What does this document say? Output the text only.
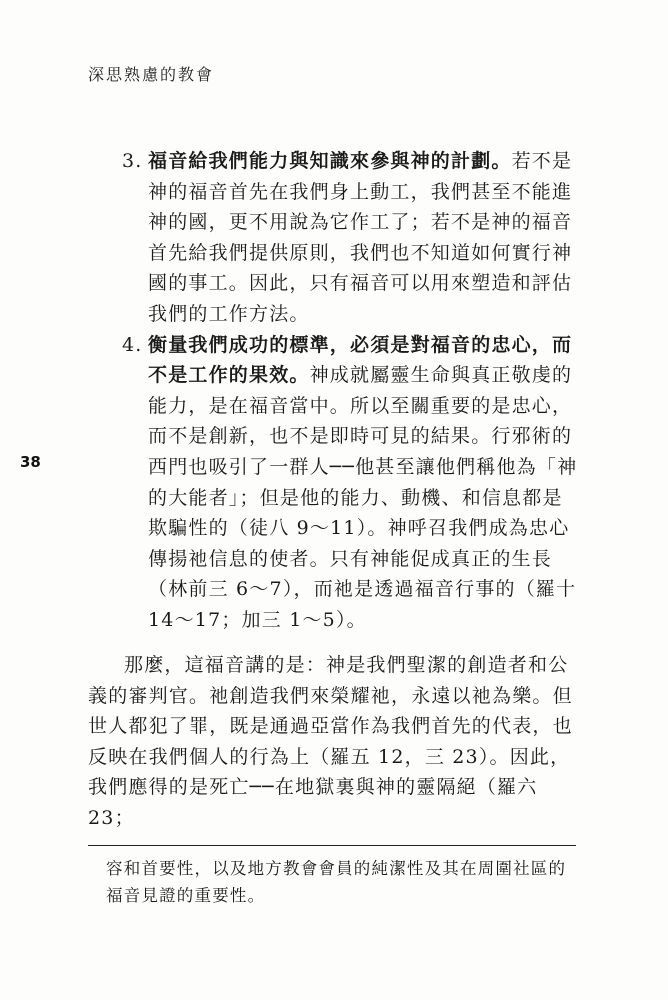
深思熟慮的教會
38
3. 福音給我們能力與知識來參與神的計劃。若不是神的福音首先在我們身上動工，我們甚至不能進神的國，更不用說為它作工了；若不是神的福音首先給我們提供原則，我們也不知道如何實行神國的事工。因此，只有福音可以用來塑造和評估我們的工作方法。
4. 衡量我們成功的標準，必須是對福音的忠心，而不是工作的果效。神成就屬靈生命與真正敬虔的能力，是在福音當中。所以至關重要的是忠心，而不是創新，也不是即時可見的結果。行邪術的西門也吸引了一群人──他甚至讓他們稱他為「神的大能者」；但是他的能力、動機、和信息都是欺騙性的（徒八 9～11）。神呼召我們成為忠心傳揚祂信息的使者。只有神能促成真正的生長（林前三 6～7），而祂是透過福音行事的（羅十 14～17；加三 1～5）。

那麼，這福音講的是：神是我們聖潔的創造者和公義的審判官。祂創造我們來榮耀祂，永遠以祂為樂。但世人都犯了罪，既是通過亞當作為我們首先的代表，也反映在我們個人的行為上（羅五 12，三 23）。因此，我們應得的是死亡──在地獄裏與神的靈隔絕（羅六 23；

容和首要性，以及地方教會會員的純潔性及其在周圍社區的福音見證的重要性。
